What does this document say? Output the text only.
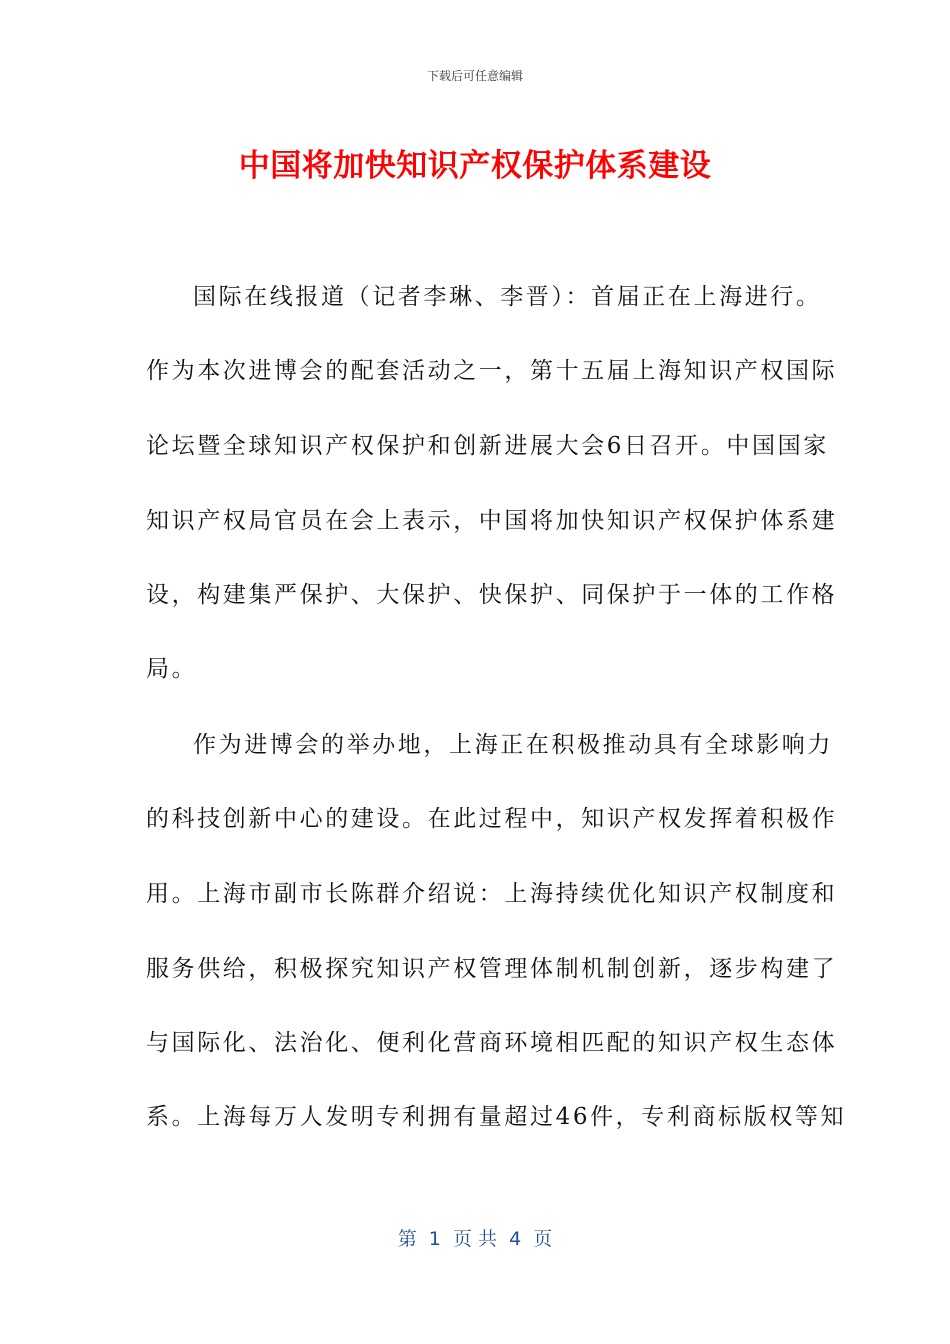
下载后可任意编辑
中国将加快知识产权保护体系建设
国际在线报道（记者李琳、李晋）：首届正在上海进行。
作为本次进博会的配套活动之一，第十五届上海知识产权国际
论坛暨全球知识产权保护和创新进展大会6日召开。中国国家
知识产权局官员在会上表示，中国将加快知识产权保护体系建
设，构建集严保护、大保护、快保护、同保护于一体的工作格
局。
作为进博会的举办地，上海正在积极推动具有全球影响力
的科技创新中心的建设。在此过程中，知识产权发挥着积极作
用。上海市副市长陈群介绍说：上海持续优化知识产权制度和
服务供给，积极探究知识产权管理体制机制创新，逐步构建了
与国际化、法治化、便利化营商环境相匹配的知识产权生态体
系。上海每万人发明专利拥有量超过46件，专利商标版权等知
第  1  页 共  4  页
